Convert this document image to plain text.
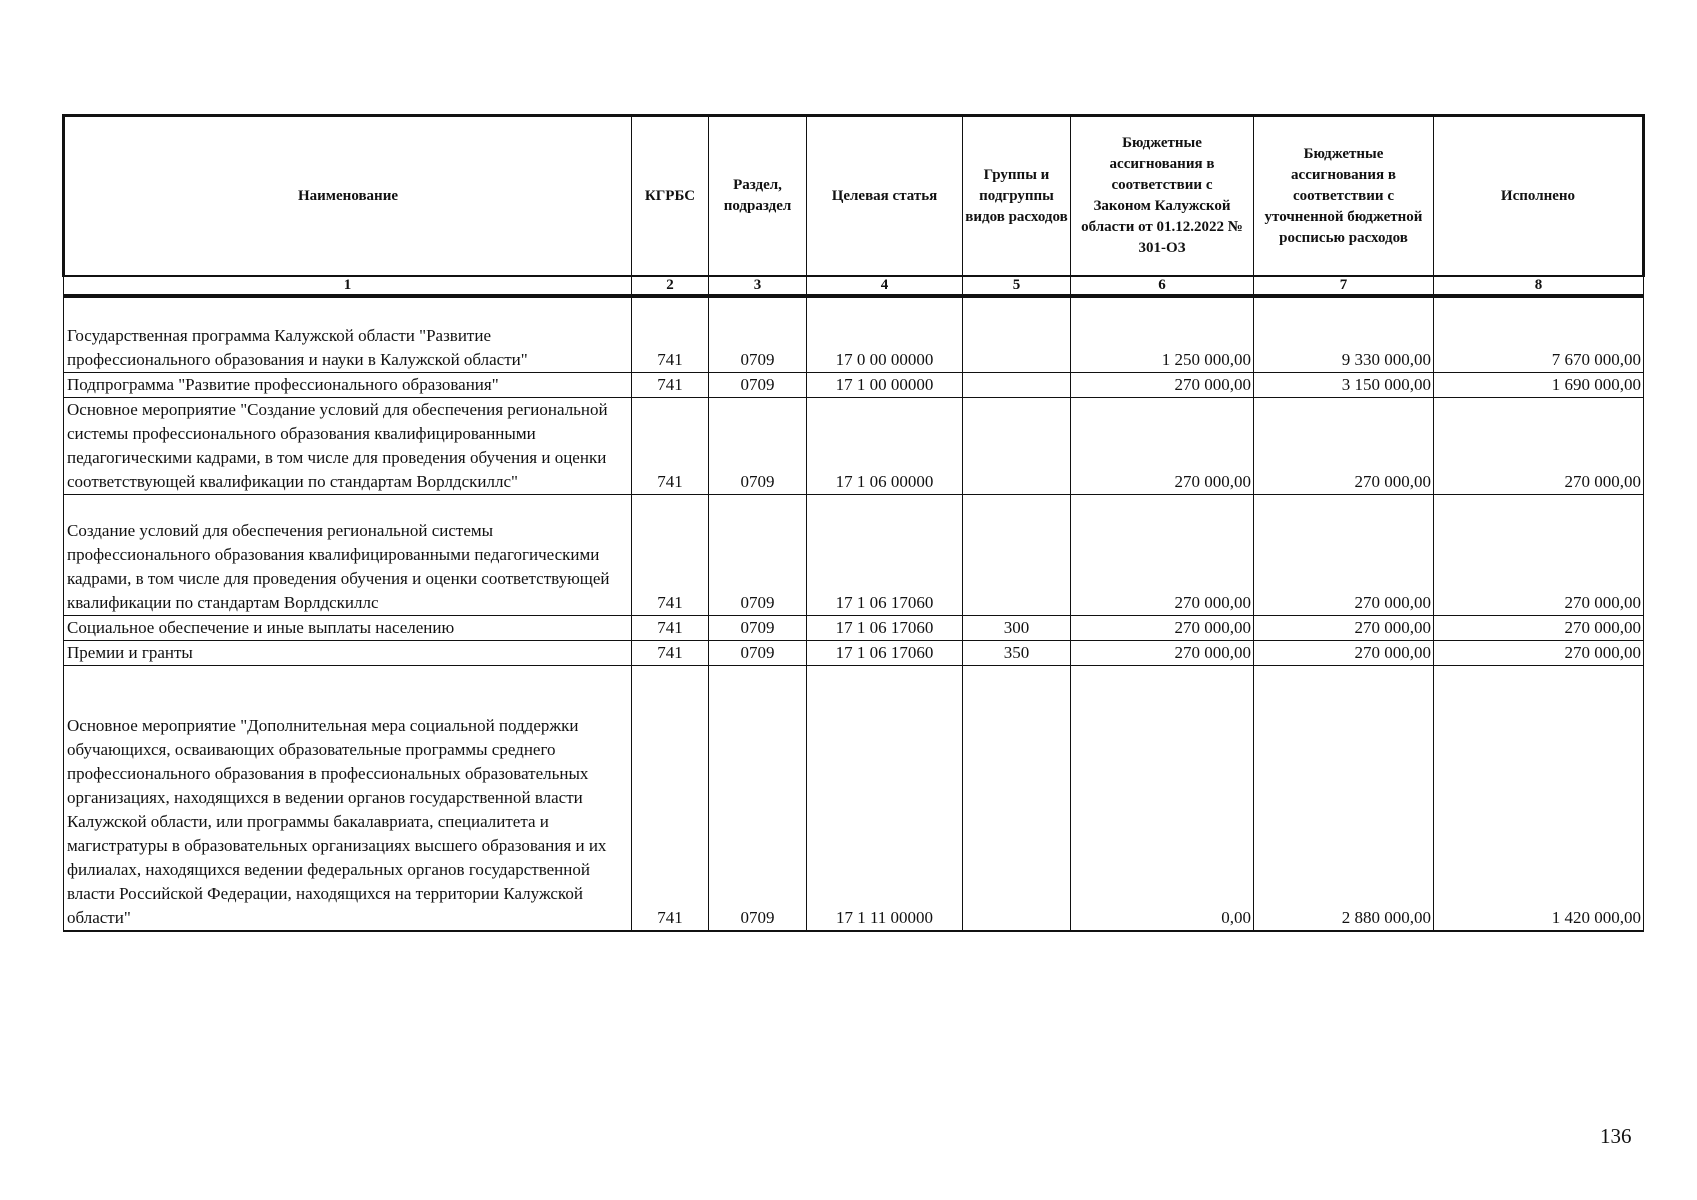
Наименование	КГРБС	Раздел, подраздел	Целевая статья	Группы и подгруппы видов расходов	Бюджетные ассигнования в соответствии с Законом Калужской области от 01.12.2022 № 301-ОЗ	Бюджетные ассигнования в соответствии с уточненной бюджетной росписью расходов	Исполнено
1	2	3	4	5	6	7	8
Государственная программа Калужской области "Развитие профессионального образования и науки в Калужской области"	741	0709	17 0 00 00000		1 250 000,00	9 330 000,00	7 670 000,00
Подпрограмма "Развитие профессионального образования"	741	0709	17 1 00 00000		270 000,00	3 150 000,00	1 690 000,00
Основное мероприятие "Создание условий для обеспечения региональной системы профессионального образования квалифицированными педагогическими кадрами, в том числе для проведения обучения и оценки соответствующей квалификации по стандартам Ворлдскиллс"	741	0709	17 1 06 00000		270 000,00	270 000,00	270 000,00
Создание условий для обеспечения региональной системы профессионального образования квалифицированными педагогическими кадрами, в том числе для проведения обучения и оценки соответствующей квалификации по стандартам Ворлдскиллс	741	0709	17 1 06 17060		270 000,00	270 000,00	270 000,00
Социальное обеспечение и иные выплаты населению	741	0709	17 1 06 17060	300	270 000,00	270 000,00	270 000,00
Премии и гранты	741	0709	17 1 06 17060	350	270 000,00	270 000,00	270 000,00
Основное мероприятие "Дополнительная мера социальной поддержки обучающихся, осваивающих образовательные программы среднего профессионального образования в профессиональных образовательных организациях, находящихся в ведении органов государственной власти Калужской области, или программы бакалавриата, специалитета и магистратуры в образовательных организациях высшего образования и их филиалах, находящихся ведении федеральных органов государственной власти Российской Федерации, находящихся на территории Калужской области"	741	0709	17 1 11 00000		0,00	2 880 000,00	1 420 000,00
136
